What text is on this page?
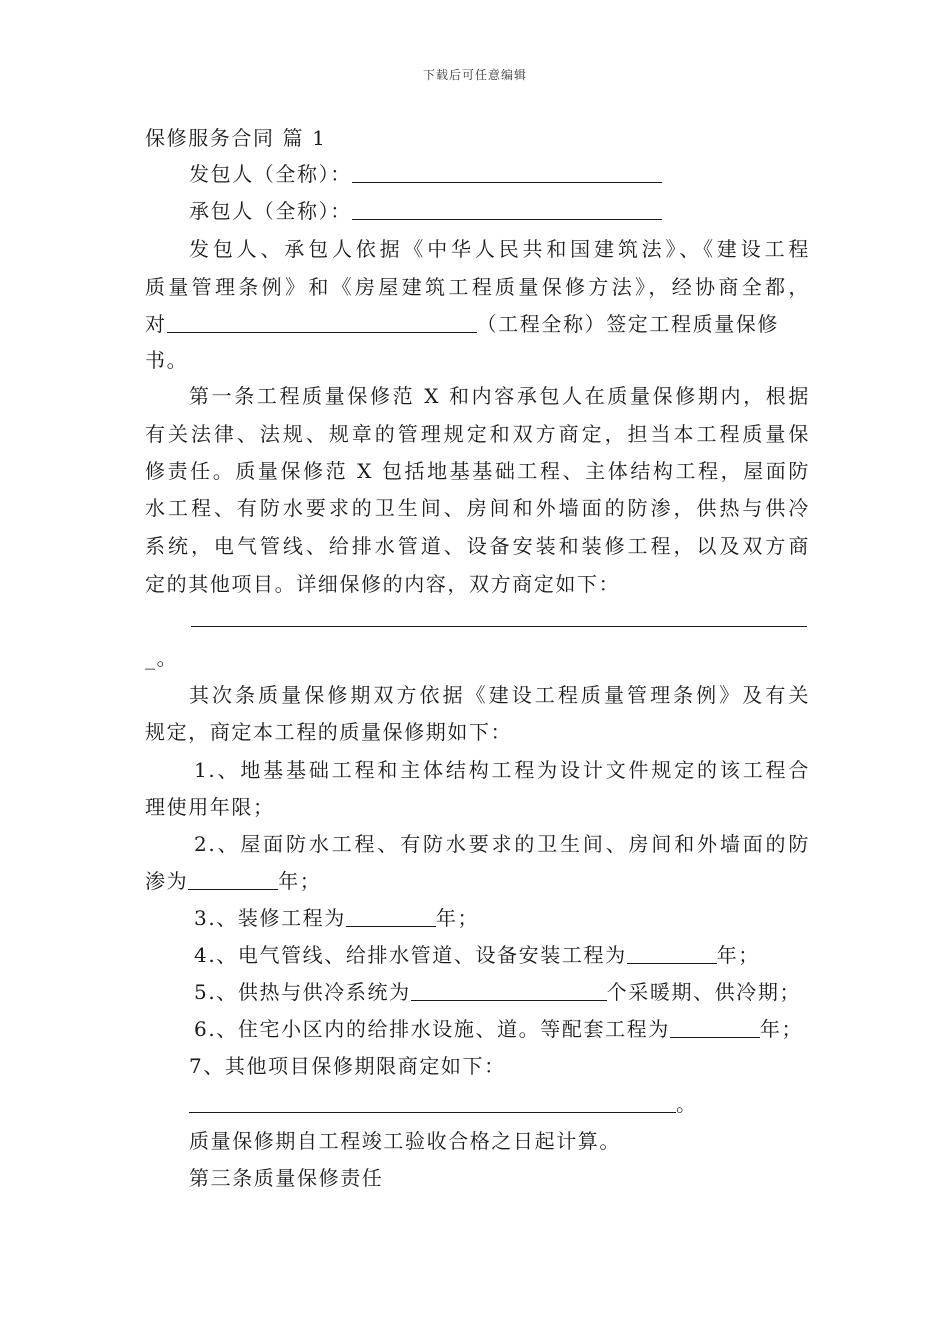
下载后可任意编辑
保修服务合同 篇 1
发包人（全称）：
承包人（全称）：
发包人、承包人依据《中华人民共和国建筑法》、《建设工程
质量管理条例》和《房屋建筑工程质量保修方法》，经协商全都，
对	（工程全称）签定工程质量保修
书。
第一条工程质量保修范 X 和内容承包人在质量保修期内，根据
有关法律、法规、规章的管理规定和双方商定，担当本工程质量保
修责任。质量保修范 X 包括地基基础工程、主体结构工程，屋面防
水工程、有防水要求的卫生间、房间和外墙面的防渗，供热与供冷
系统，电气管线、给排水管道、设备安装和装修工程，以及双方商
定的其他项目。详细保修的内容，双方商定如下：
_。
其次条质量保修期双方依据《建设工程质量管理条例》及有关
规定，商定本工程的质量保修期如下：
1.、地基基础工程和主体结构工程为设计文件规定的该工程合
理使用年限；
2.、屋面防水工程、有防水要求的卫生间、房间和外墙面的防
渗为	年；
3.、装修工程为	年；
4.、电气管线、给排水管道、设备安装工程为	年；
5.、供热与供冷系统为	个采暖期、供冷期；
6.、住宅小区内的给排水设施、道。等配套工程为	年；
7、其他项目保修期限商定如下：
。
质量保修期自工程竣工验收合格之日起计算。
第三条质量保修责任
